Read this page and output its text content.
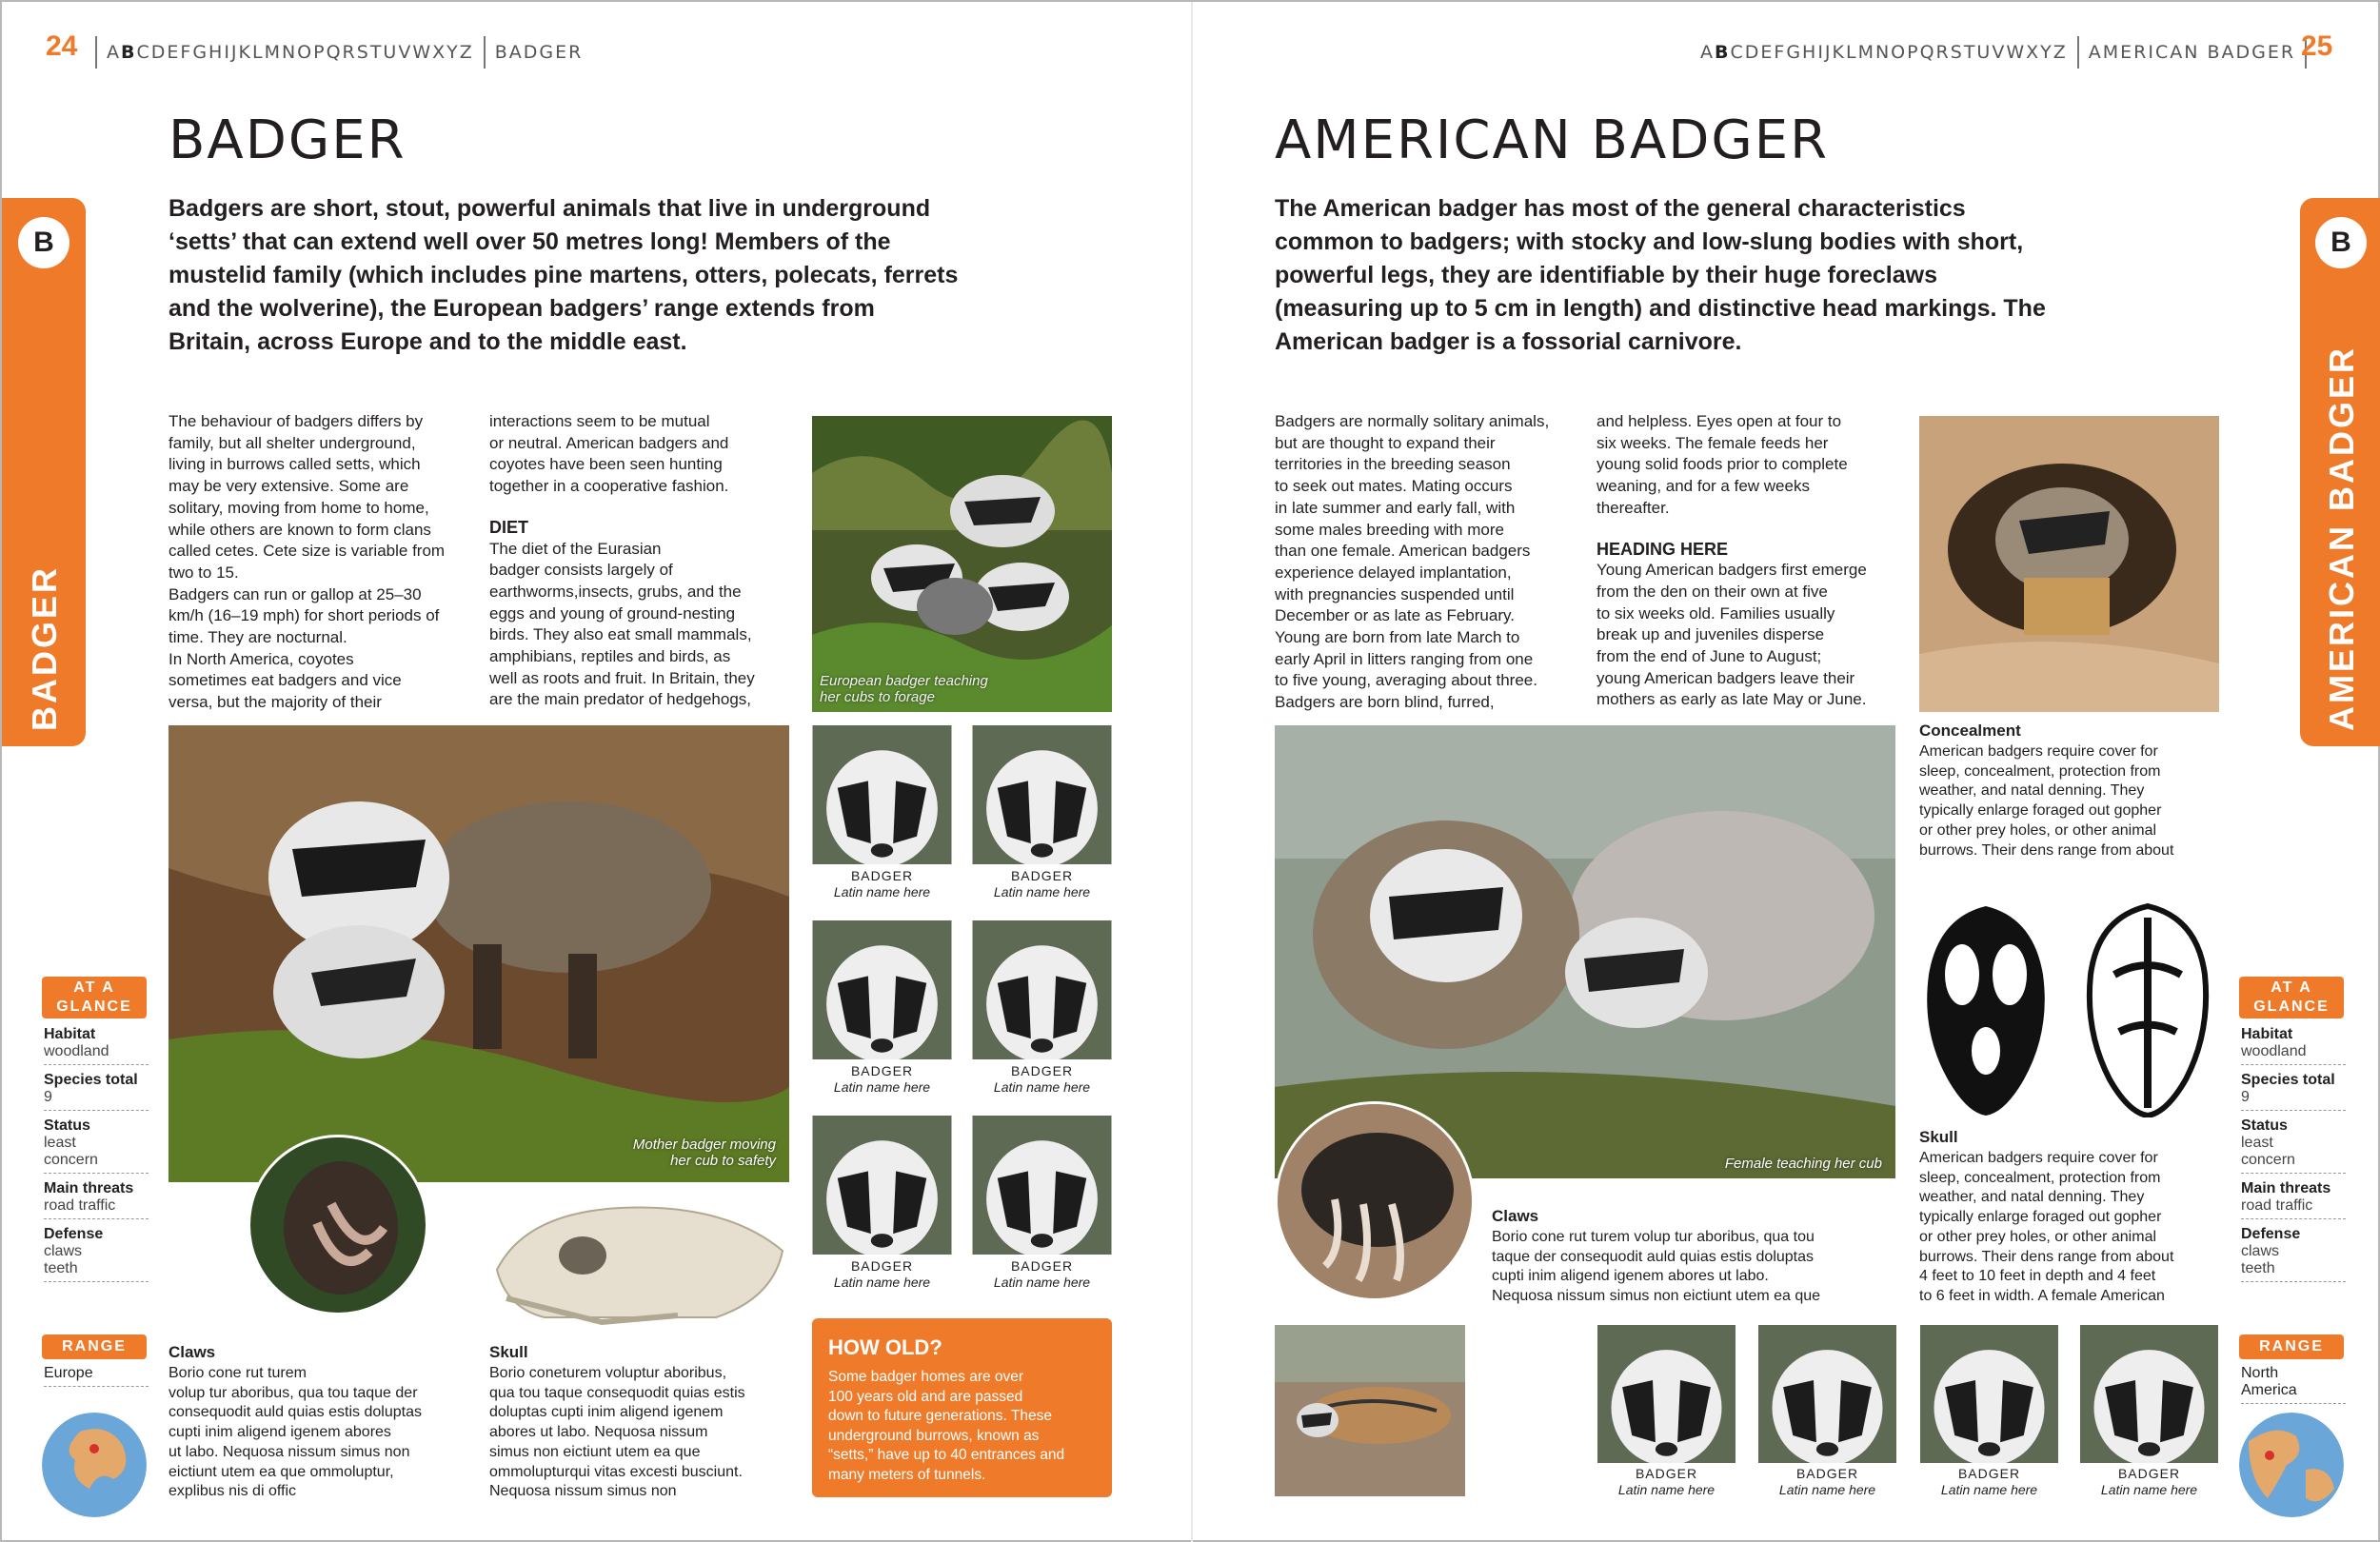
24 A B CDEFGHIJKLMNOPQRSTUVWXYZ BADGER
B
BADGER
BADGER
Badgers are short, stout, powerful animals that live in underground ‘setts’ that can extend well over 50 metres long! Members of the mustelid family (which includes pine martens, otters, polecats, ferrets and the wolverine), the European badgers’ range extends from Britain, across Europe and to the middle east.
The behaviour of badgers differs by
family, but all shelter underground,
living in burrows called setts, which
may be very extensive. Some are
solitary, moving from home to home,
while others are known to form clans
called cetes. Cete size is variable from
two to 15.
Badgers can run or gallop at 25–30
km/h (16–19 mph) for short periods of
time. They are nocturnal.
In North America, coyotes
sometimes eat badgers and vice
versa, but the majority of their
interactions seem to be mutual
or neutral. American badgers and
coyotes have been seen hunting
together in a cooperative fashion.
DIET
The diet of the Eurasian
badger consists largely of
earthworms,insects, grubs, and the
eggs and young of ground-nesting
birds. They also eat small mammals,
amphibians, reptiles and birds, as
well as roots and fruit. In Britain, they
are the main predator of hedgehogs,
European badger teaching
her cubs to forage
Mother badger moving
her cub to safety
BADGER
Latin name here
BADGER
Latin name here
BADGER
Latin name here
BADGER
Latin name here
BADGER
Latin name here
BADGER
Latin name here
Claws
Borio cone rut turem
volup tur aboribus, qua tou taque der
consequodit auld quias estis doluptas
cupti inim aligend igenem abores
ut labo. Nequosa nissum simus non
eictiunt utem ea que ommoluptur,
explibus nis di offic
Skull
Borio coneturem voluptur aboribus,
qua tou taque consequodit quias estis
doluptas cupti inim aligend igenem
abores ut labo. Nequosa nissum
simus non eictiunt utem ea que
ommolupturqui vitas excesti busciunt.
Nequosa nissum simus non
HOW OLD?
Some badger homes are over
100 years old and are passed
down to future generations. These
underground burrows, known as
“setts,” have up to 40 entrances and
many meters of tunnels.
AT A
GLANCE
Habitat
woodland
Species total
9
Status
least
concern
Main threats
road traffic
Defense
claws
teeth
RANGE
Europe
A B CDEFGHIJKLMNOPQRSTUVWXYZ AMERICAN BADGER 25
B
AMERICAN BADGER
AMERICAN BADGER
The American badger has most of the general characteristics common to badgers; with stocky and low-slung bodies with short, powerful legs, they are identifiable by their huge foreclaws (measuring up to 5 cm in length) and distinctive head markings. The American badger is a fossorial carnivore.
Badgers are normally solitary animals,
but are thought to expand their
territories in the breeding season
to seek out mates. Mating occurs
in late summer and early fall, with
some males breeding with more
than one female. American badgers
experience delayed implantation,
with pregnancies suspended until
December or as late as February.
Young are born from late March to
early April in litters ranging from one
to five young, averaging about three.
Badgers are born blind, furred,
and helpless. Eyes open at four to
six weeks. The female feeds her
young solid foods prior to complete
weaning, and for a few weeks
thereafter.
HEADING HERE
Young American badgers first emerge
from the den on their own at five
to six weeks old. Families usually
break up and juveniles disperse
from the end of June to August;
young American badgers leave their
mothers as early as late May or June.
Female teaching her cub
Concealment
American badgers require cover for
sleep, concealment, protection from
weather, and natal denning. They
typically enlarge foraged out gopher
or other prey holes, or other animal
burrows. Their dens range from about
Skull
American badgers require cover for
sleep, concealment, protection from
weather, and natal denning. They
typically enlarge foraged out gopher
or other prey holes, or other animal
burrows. Their dens range from about
4 feet to 10 feet in depth and 4 feet
to 6 feet in width. A female American
Claws
Borio cone rut turem volup tur aboribus, qua tou
taque der consequodit auld quias estis doluptas
cupti inim aligend igenem abores ut labo.
Nequosa nissum simus non eictiunt utem ea que
BADGER
Latin name here
BADGER
Latin name here
BADGER
Latin name here
BADGER
Latin name here
AT A
GLANCE
Habitat
woodland
Species total
9
Status
least
concern
Main threats
road traffic
Defense
claws
teeth
RANGE
North
America
